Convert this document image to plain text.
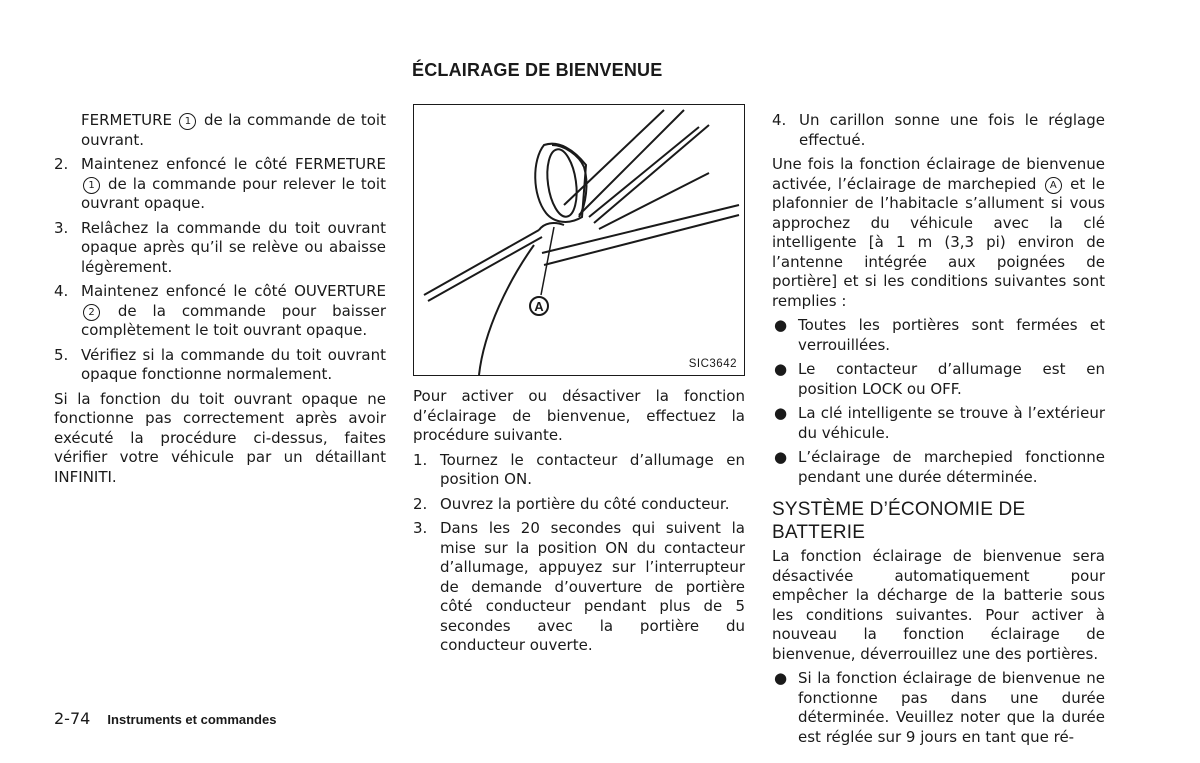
ÉCLAIRAGE DE BIENVENUE

FERMETURE 1 de la commande de toit ouvrant.

2. Maintenez enfoncé le côté FERMETURE 1 de la commande pour relever le toit ouvrant opaque.
3. Relâchez la commande du toit ouvrant opaque après qu’il se relève ou abaisse légèrement.
4. Maintenez enfoncé le côté OUVERTURE 2 de la commande pour baisser complètement le toit ouvrant opaque.
5. Vérifiez si la commande du toit ouvrant opaque fonctionne normalement.

Si la fonction du toit ouvrant opaque ne fonctionne pas correctement après avoir exécuté la procédure ci-dessus, faites vérifier votre véhicule par un détaillant INFINITI.

A
SIC3642

Pour activer ou désactiver la fonction d’éclairage de bienvenue, effectuez la procédure suivante.

1. Tournez le contacteur d’allumage en position ON.
2. Ouvrez la portière du côté conducteur.
3. Dans les 20 secondes qui suivent la mise sur la position ON du contacteur d’allumage, appuyez sur l’interrupteur de demande d’ouverture de portière côté conducteur pendant plus de 5 secondes avec la portière du conducteur ouverte.
4. Un carillon sonne une fois le réglage effectué.

Une fois la fonction éclairage de bienvenue activée, l’éclairage de marchepied A et le plafonnier de l’habitacle s’allument si vous approchez du véhicule avec la clé intelligente [à 1 m (3,3 pi) environ de l’antenne intégrée aux poignées de portière] et si les conditions suivantes sont remplies :

● Toutes les portières sont fermées et verrouillées.
● Le contacteur d’allumage est en position LOCK ou OFF.
● La clé intelligente se trouve à l’extérieur du véhicule.
● L’éclairage de marchepied fonctionne pendant une durée déterminée.
SYSTÈME D’ÉCONOMIE DE BATTERIE

La fonction éclairage de bienvenue sera désactivée automatiquement pour empêcher la décharge de la batterie sous les conditions suivantes. Pour activer à nouveau la fonction éclairage de bienvenue, déverrouillez une des portières.

● Si la fonction éclairage de bienvenue ne fonctionne pas dans une durée déterminée. Veuillez noter que la durée est réglée sur 9 jours en tant que ré-
2-74 Instruments et commandes
